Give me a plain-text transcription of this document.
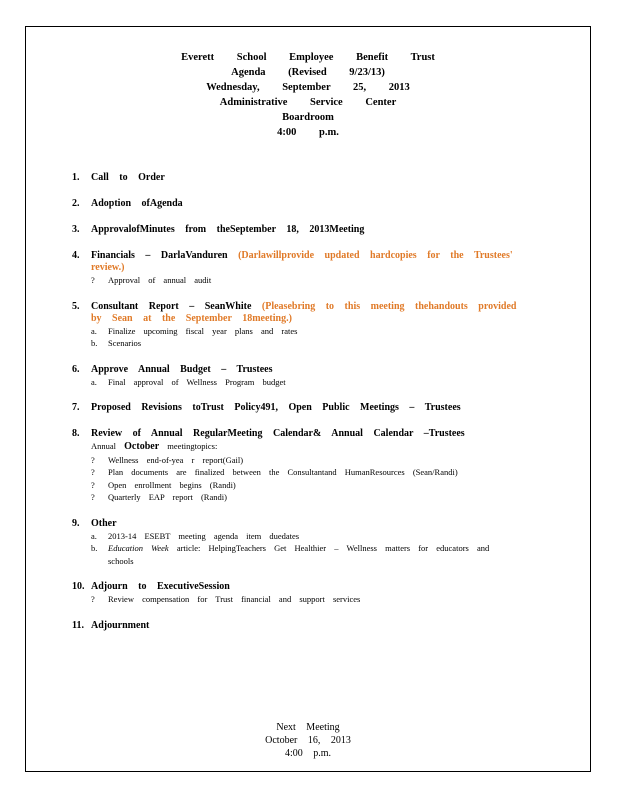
Everett School Employee Benefit Trust
Agenda (Revised 9/23/13)
Wednesday, September 25, 2013
Administrative Service Center
Boardroom
4:00 p.m.
1.	Call to Order
2.	Adoption ofAgenda
3.	ApprovalofMinutes from theSeptember 18, 2013Meeting
4.	Financials – DarlaVanduren (Darlawillprovide updated hardcopies for the Trustees' review.)
?	Approval of annual audit
5.	Consultant Report – SeanWhite (Pleasebring to this meeting thehandouts provided by Sean at the September 18meeting.)
a.	Finalize upcoming fiscal year plans and rates
b.	Scenarios
6.	Approve Annual Budget – Trustees
a.	Final approval of Wellness Program budget
7.	Proposed Revisions toTrust Policy491, Open Public Meetings – Trustees
8.	Review of Annual RegularMeeting Calendar& Annual Calendar –Trustees
Annual October meetingtopics:
?	Wellness end-of-yea r report(Gail)
?	Plan documents are finalized between the Consultantand HumanResources (Sean/Randi)
?	Open enrollment begins (Randi)
?	Quarterly EAP report (Randi)
9.	Other
a.	2013-14 ESEBT meeting agenda item duedates
b.	Education Week article: HelpingTeachers Get Healthier – Wellness matters for educators and schools
10. Adjourn to ExecutiveSession
?	Review compensation for Trust financial and support services
11. Adjournment
Next Meeting
October 16, 2013
4:00 p.m.
